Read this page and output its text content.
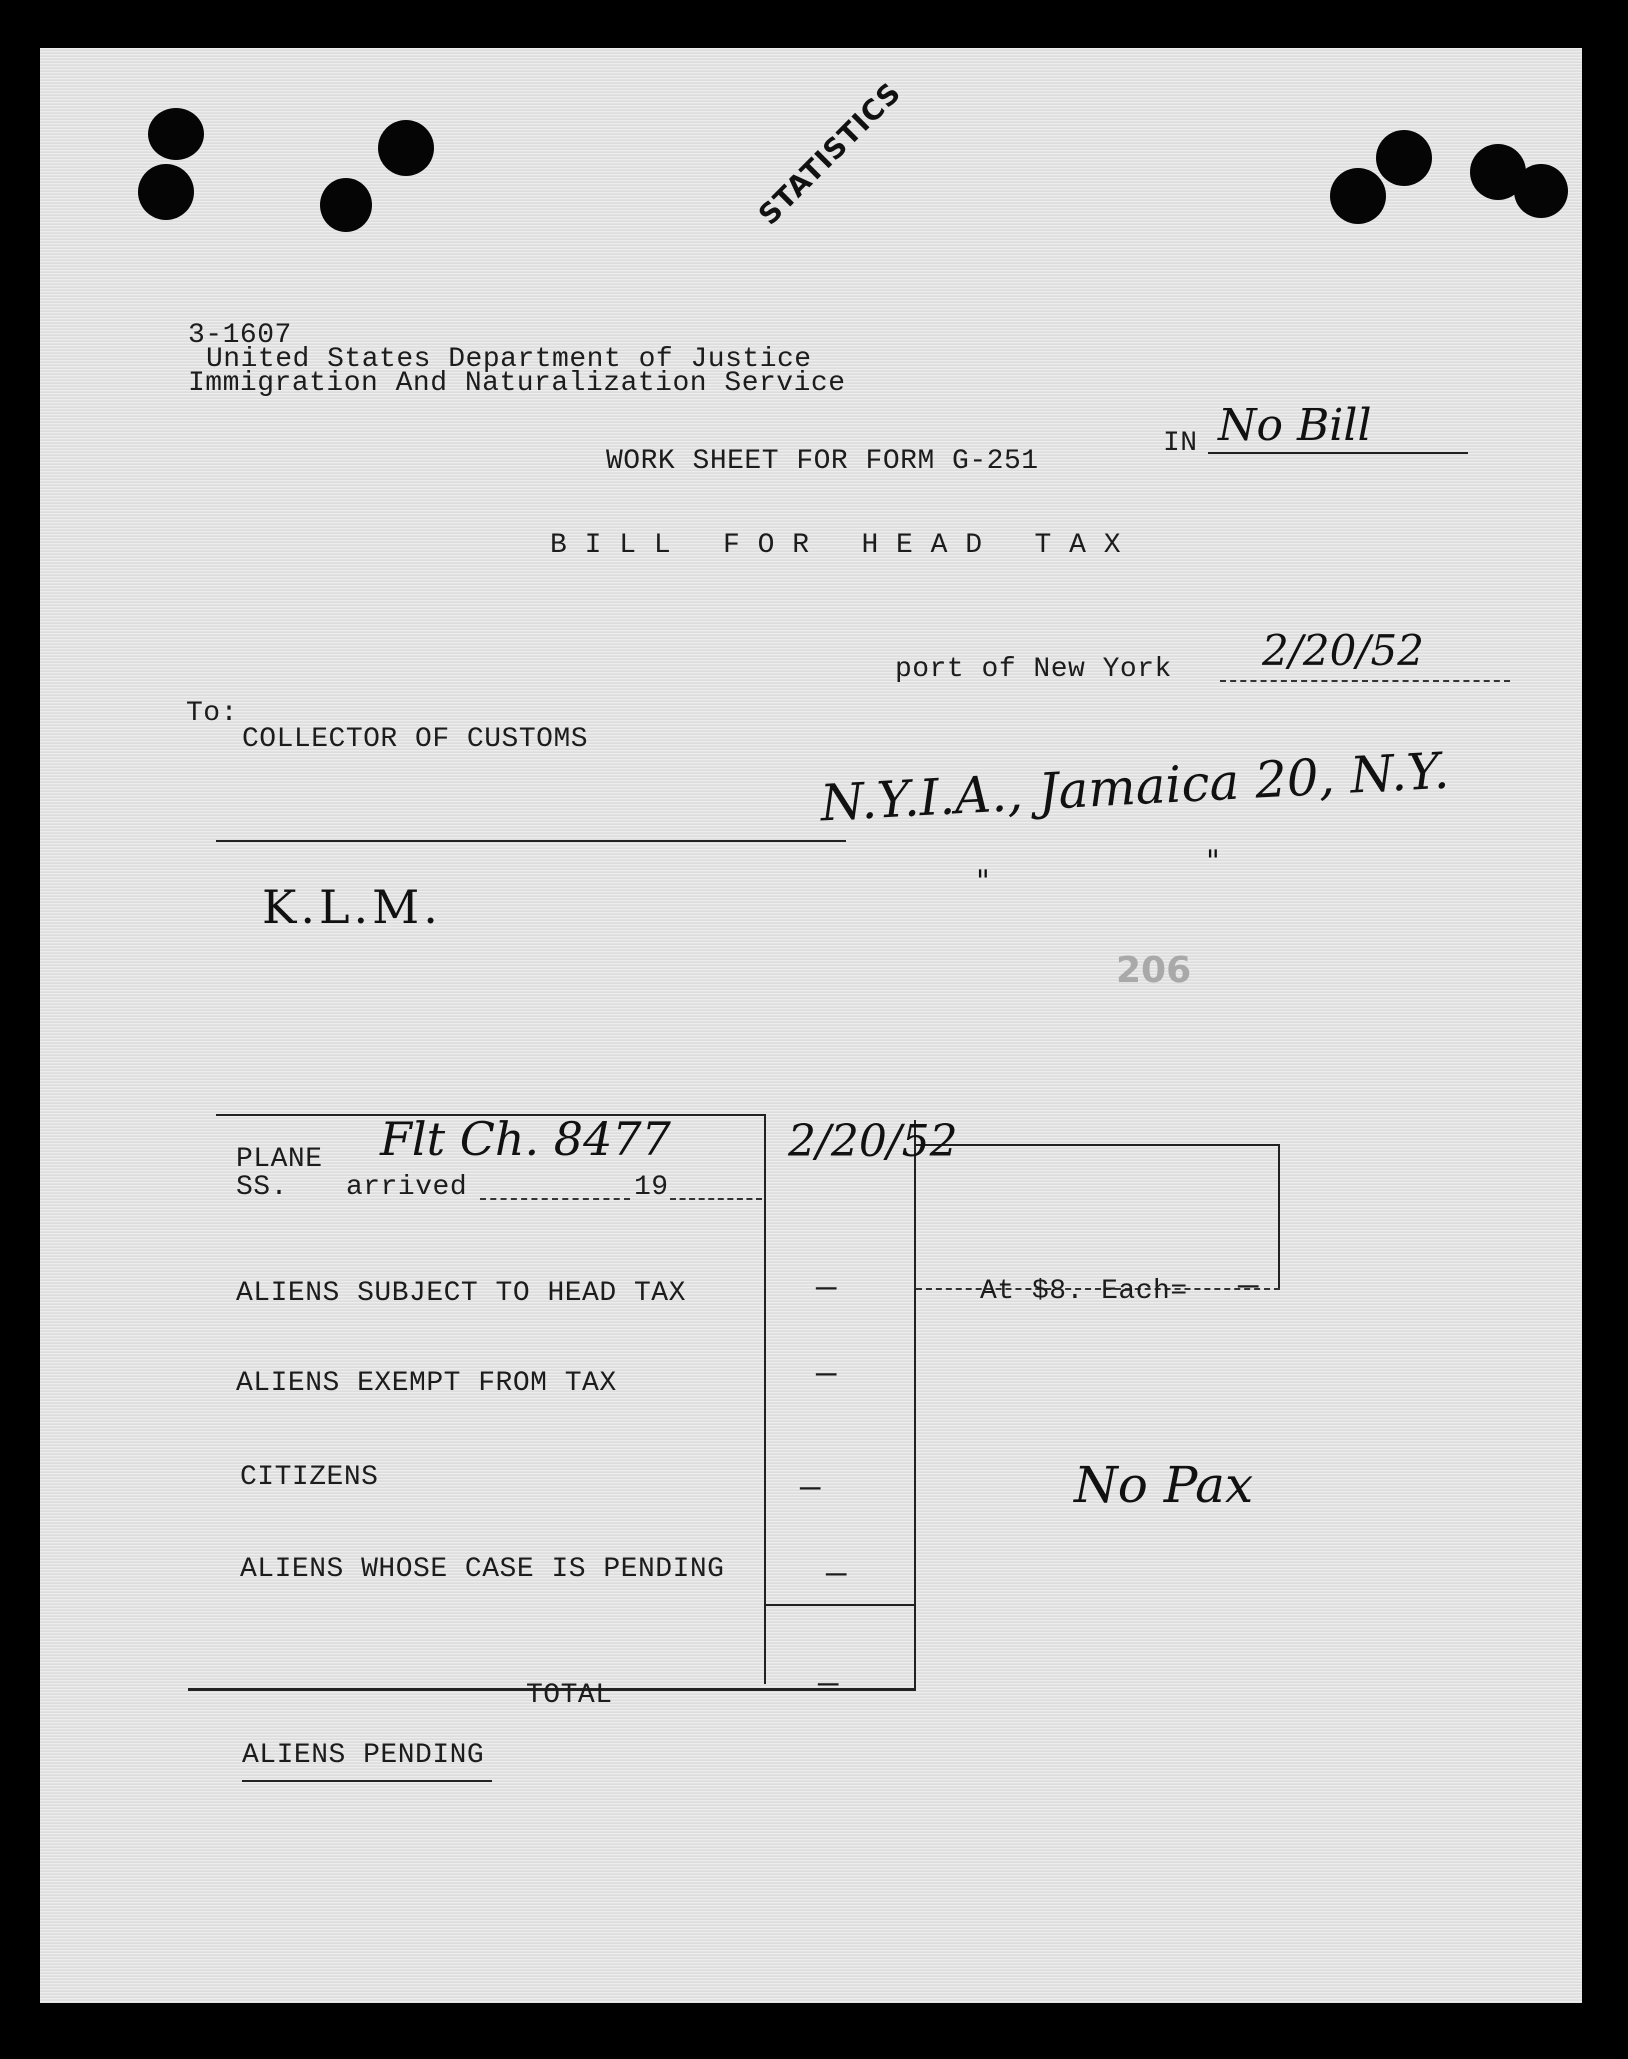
STATISTICS
3-1607
United States Department of Justice
Immigration And Naturalization Service
WORK SHEET FOR FORM G-251
IN No Bill
B I L L   F O R   H E A D   T A X
port of New York 2/20/52
To:
COLLECTOR OF CUSTOMS
N.Y.I.A., Jamaica 20, N.Y.
"
"
K.L.M.
206
PLANE Flt Ch. 8477
SS. arrived	19
2/20/52
ALIENS SUBJECT TO HEAD TAX	—	At $8. Each= —
ALIENS EXEMPT FROM TAX	—
CITIZENS	—	No Pax
ALIENS WHOSE CASE IS PENDING	—
TOTAL	—
ALIENS PENDING
